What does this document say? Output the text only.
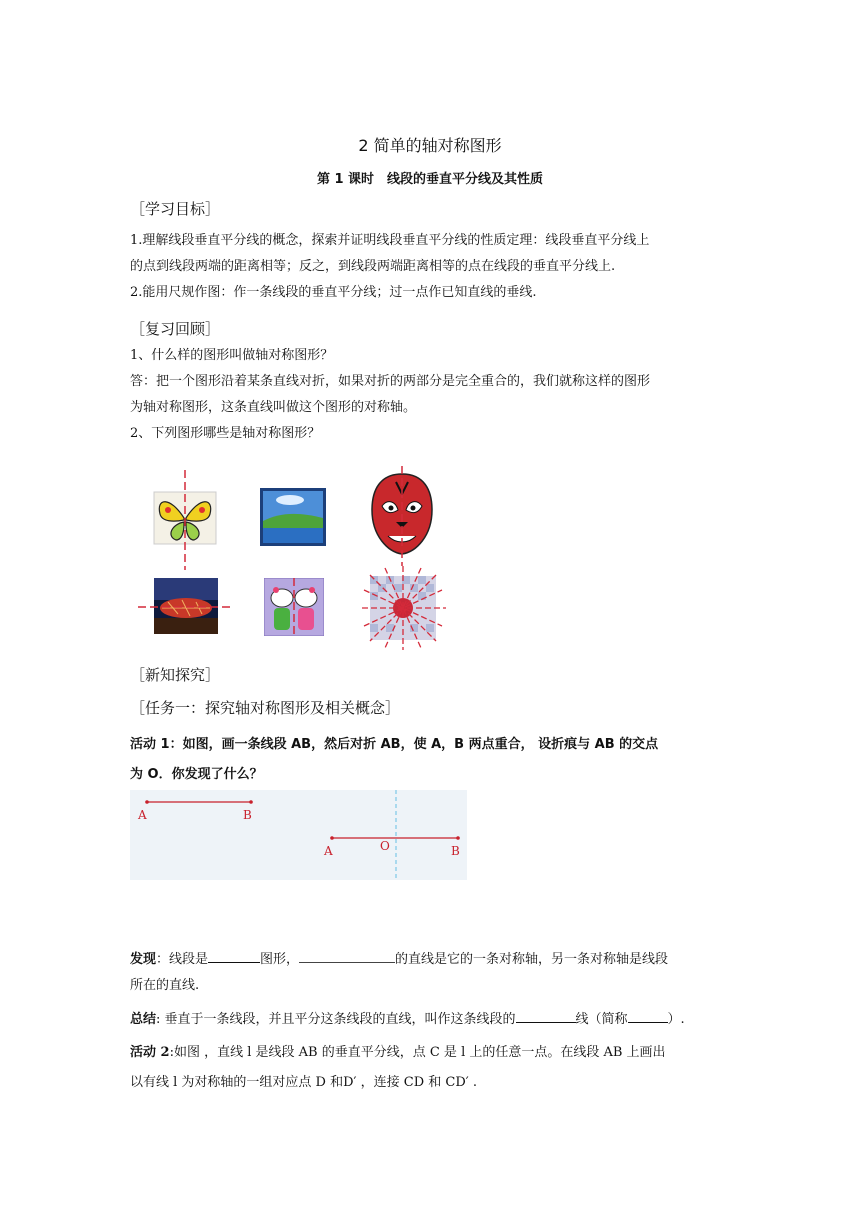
2 简单的轴对称图形
第 1 课时　线段的垂直平分线及其性质
［学习目标］
1.理解线段垂直平分线的概念，探索并证明线段垂直平分线的性质定理：线段垂直平分线上
的点到线段两端的距离相等；反之，到线段两端距离相等的点在线段的垂直平分线上.
2.能用尺规作图：作一条线段的垂直平分线；过一点作已知直线的垂线.
［复习回顾］
1、什么样的图形叫做轴对称图形？
答：把一个图形沿着某条直线对折，如果对折的两部分是完全重合的，我们就称这样的图形
为轴对称图形，这条直线叫做这个图形的对称轴。
2、下列图形哪些是轴对称图形？
［新知探究］
［任务一：探究轴对称图形及相关概念］
活动 1：如图，画一条线段 AB，然后对折 AB，使 A，B 两点重合， 设折痕与 AB 的交点
为 O．你发现了什么？
A	B
A	O	B
发现：线段是	图形，	的直线是它的一条对称轴，另一条对称轴是线段
所在的直线.
总结: 垂直于一条线段，并且平分这条线段的直线，叫作这条线段的	线（简称	）.
活动 2:如图 ，直线 l 是线段 AB 的垂直平分线，点 C 是 l 上的任意一点。在线段 AB 上画出
以有线 l 为对称轴的一组对应点 D 和D′ ，连接 CD 和 CD′ .
